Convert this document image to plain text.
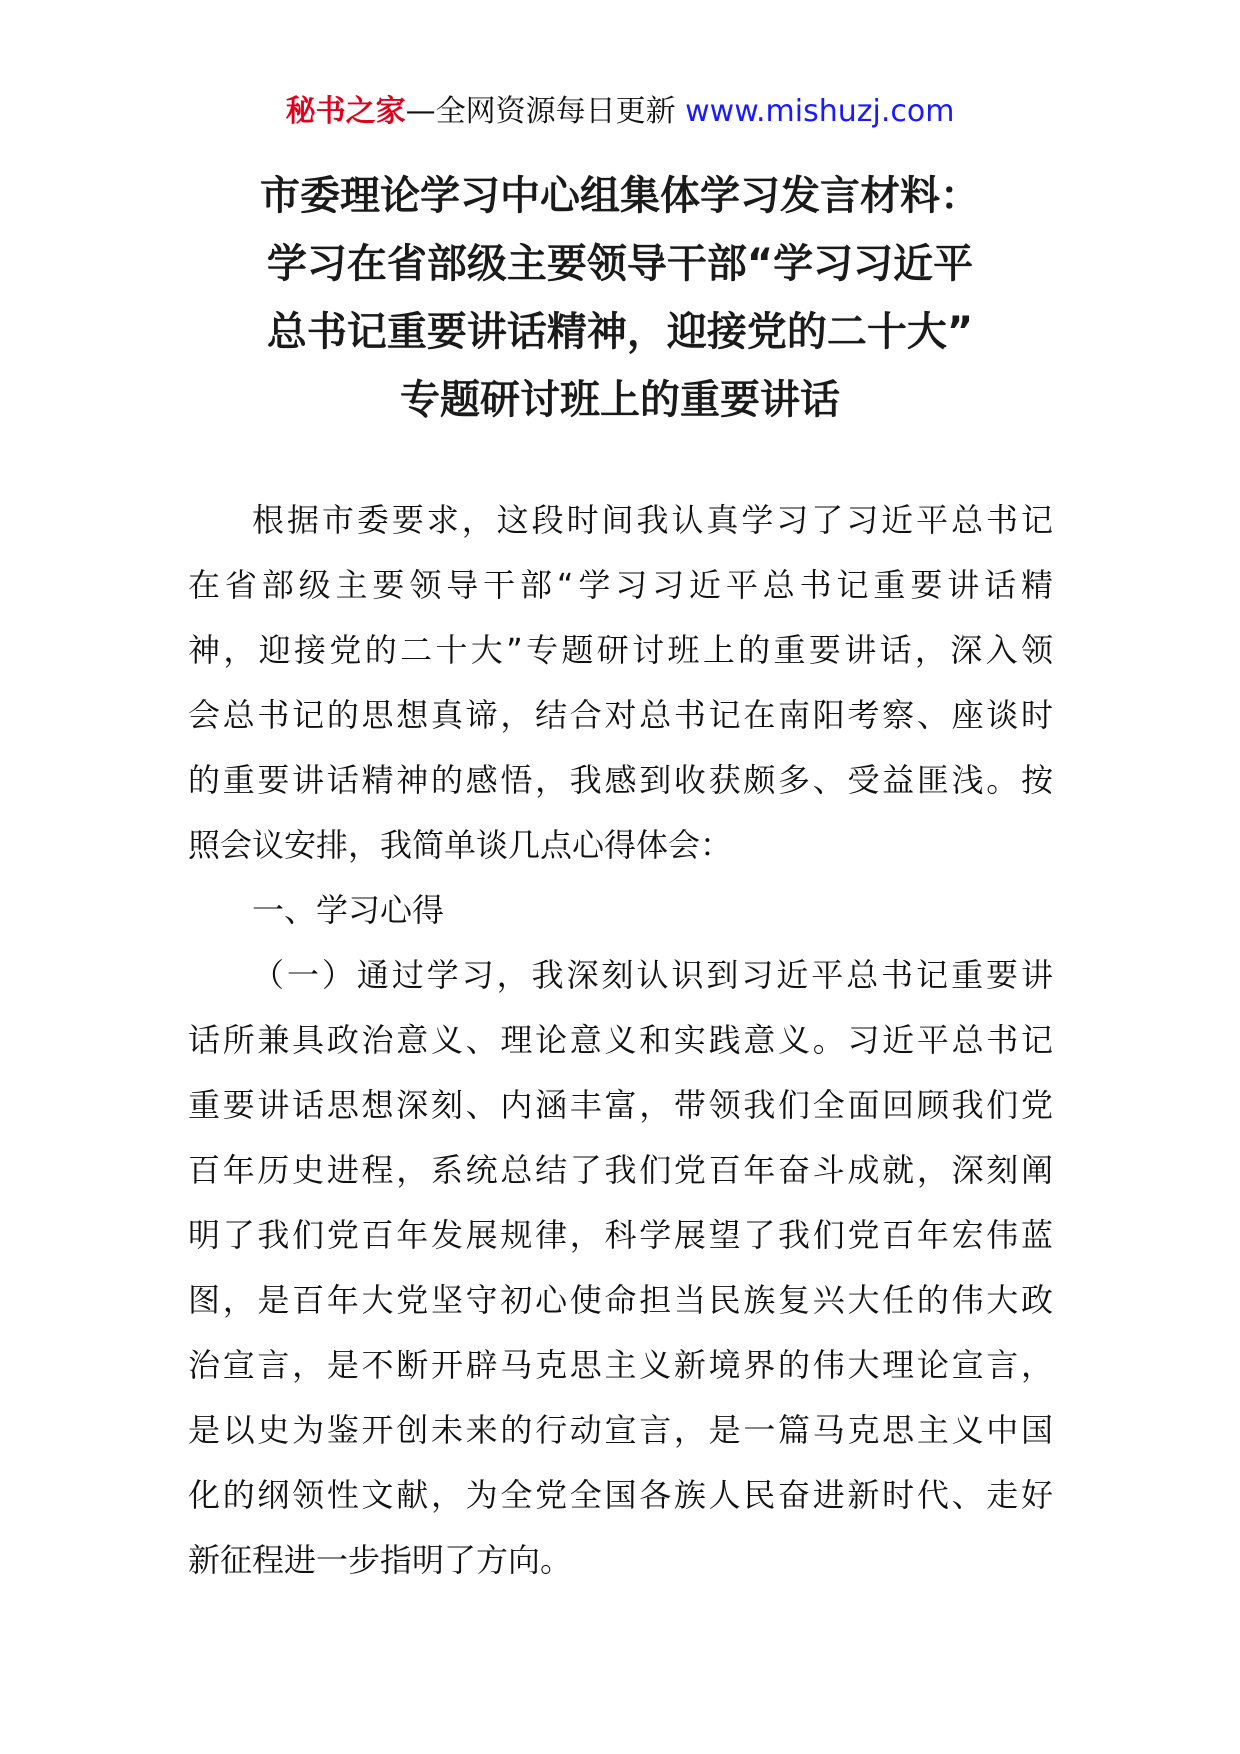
秘书之家—全网资源每日更新 www.mishuzj.com
市委理论学习中心组集体学习发言材料：
学习在省部级主要领导干部“学习习近平
总书记重要讲话精神，迎接党的二十大”
专题研讨班上的重要讲话

根据市委要求，这段时间我认真学习了习近平总书记
在省部级主要领导干部“学习习近平总书记重要讲话精
神，迎接党的二十大”专题研讨班上的重要讲话，深入领
会总书记的思想真谛，结合对总书记在南阳考察、座谈时
的重要讲话精神的感悟，我感到收获颇多、受益匪浅。按
照会议安排，我简单谈几点心得体会：

一、学习心得

（一）通过学习，我深刻认识到习近平总书记重要讲
话所兼具政治意义、理论意义和实践意义。习近平总书记
重要讲话思想深刻、内涵丰富，带领我们全面回顾我们党
百年历史进程，系统总结了我们党百年奋斗成就，深刻阐
明了我们党百年发展规律，科学展望了我们党百年宏伟蓝
图，是百年大党坚守初心使命担当民族复兴大任的伟大政
治宣言，是不断开辟马克思主义新境界的伟大理论宣言，
是以史为鉴开创未来的行动宣言，是一篇马克思主义中国
化的纲领性文献，为全党全国各族人民奋进新时代、走好
新征程进一步指明了方向。
